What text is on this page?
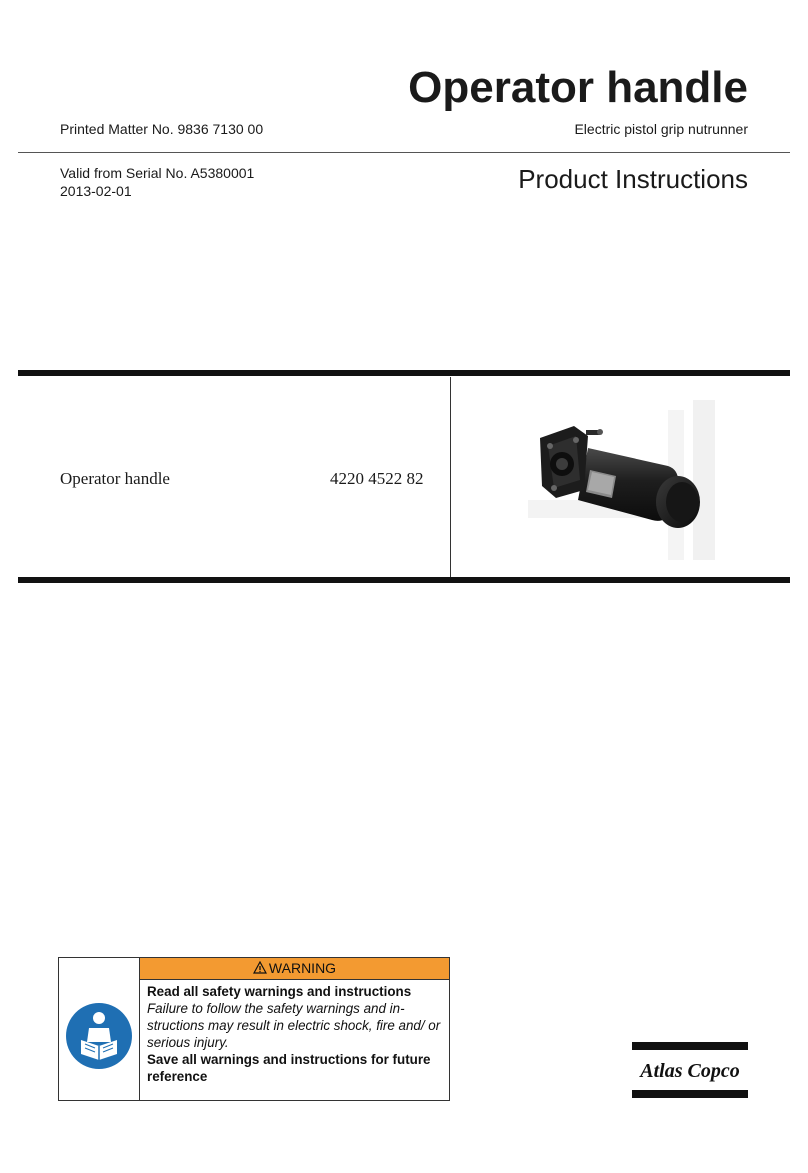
Operator handle
Printed Matter No. 9836 7130 00	Electric pistol grip nutrunner
Valid from Serial No. A5380001
2013-02-01	Product Instructions
Operator handle	4220 4522 82
WARNING
Read all safety warnings and instructions
Failure to follow the safety warnings and in-structions may result in electric shock, fire and/ or serious injury.
Save all warnings and instructions for future reference	Atlas Copco
